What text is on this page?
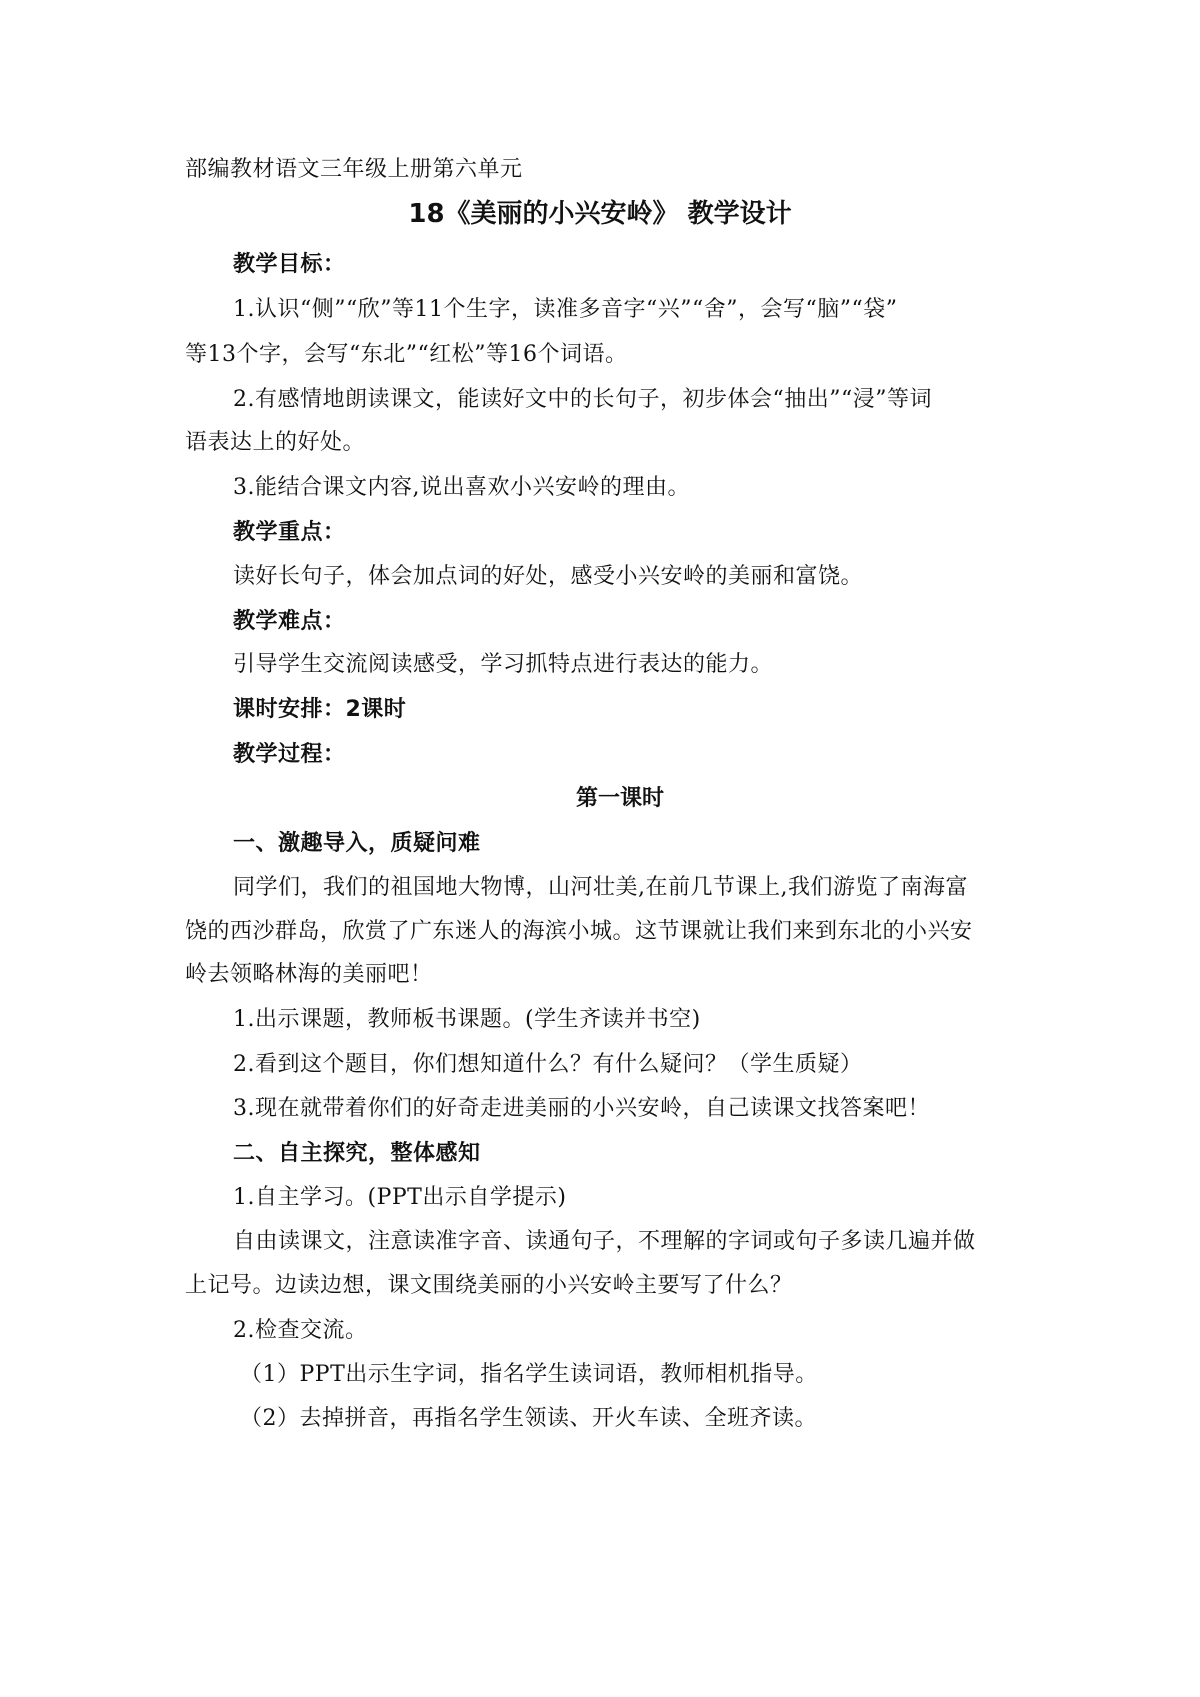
部编教材语文三年级上册第六单元
18《美丽的小兴安岭》 教学设计
教学目标：
1.认识“侧”“欣”等11个生字，读准多音字“兴”“舍”，会写“脑”“袋”
等13个字，会写“东北”“红松”等16个词语。
2.有感情地朗读课文，能读好文中的长句子，初步体会“抽出”“浸”等词
语表达上的好处。
3.能结合课文内容,说出喜欢小兴安岭的理由。
教学重点：
读好长句子，体会加点词的好处，感受小兴安岭的美丽和富饶。
教学难点：
引导学生交流阅读感受，学习抓特点进行表达的能力。
课时安排：2课时
教学过程：
第一课时
一、激趣导入，质疑问难
同学们，我们的祖国地大物博，山河壮美,在前几节课上,我们游览了南海富
饶的西沙群岛，欣赏了广东迷人的海滨小城。这节课就让我们来到东北的小兴安
岭去领略林海的美丽吧！
1.出示课题，教师板书课题。(学生齐读并书空)
2.看到这个题目，你们想知道什么？有什么疑问？（学生质疑）
3.现在就带着你们的好奇走进美丽的小兴安岭，自己读课文找答案吧！
二、自主探究，整体感知
1.自主学习。(PPT出示自学提示)
自由读课文，注意读准字音、读通句子，不理解的字词或句子多读几遍并做
上记号。边读边想，课文围绕美丽的小兴安岭主要写了什么？
2.检查交流。
（1）PPT出示生字词，指名学生读词语，教师相机指导。
（2）去掉拼音，再指名学生领读、开火车读、全班齐读。
